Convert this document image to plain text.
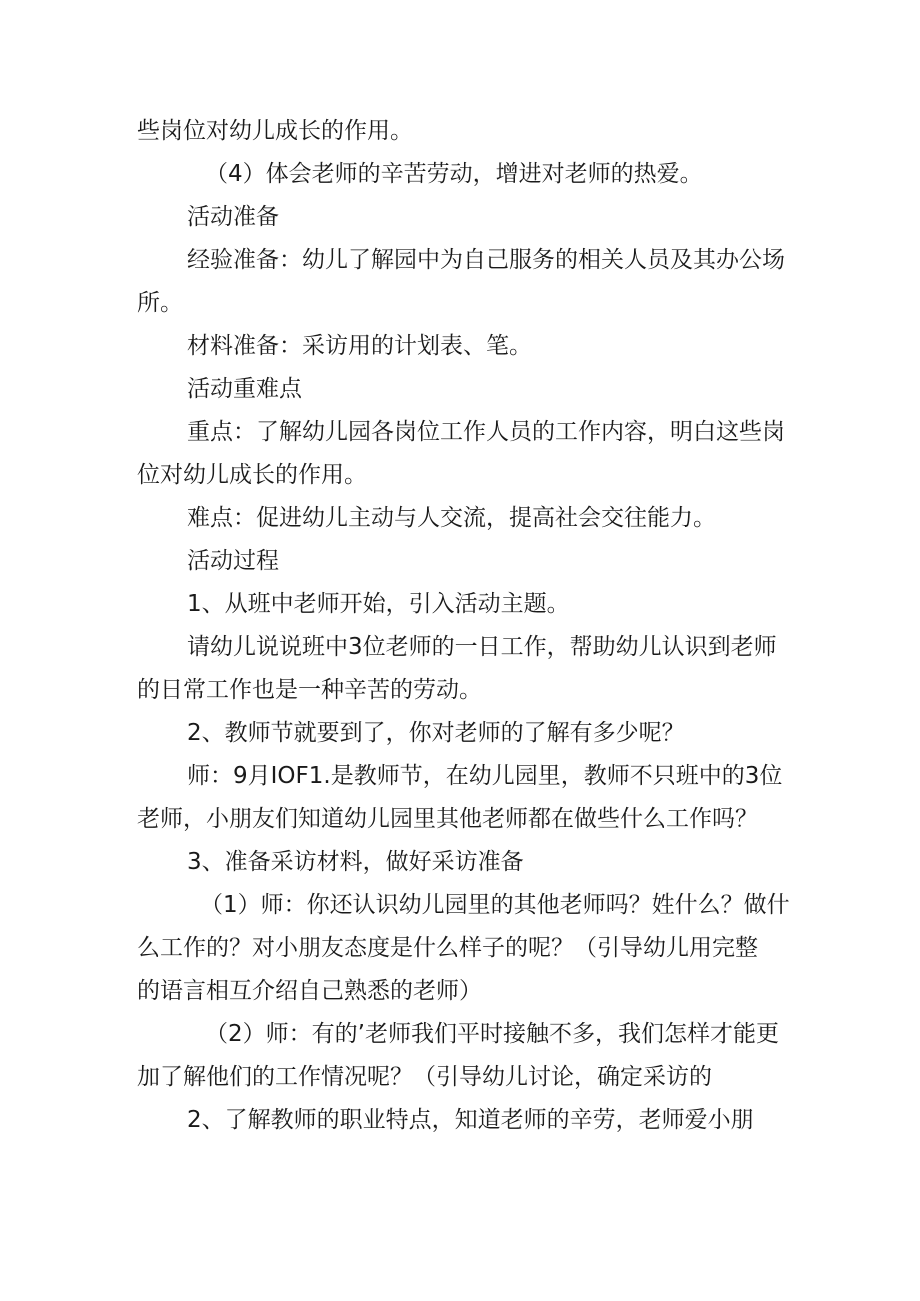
些岗位对幼儿成长的作用。

（4）体会老师的辛苦劳动，增进对老师的热爱。

活动准备

经验准备：幼儿了解园中为自己服务的相关人员及其办公场

所。

材料准备：采访用的计划表、笔。

活动重难点

重点：了解幼儿园各岗位工作人员的工作内容，明白这些岗

位对幼儿成长的作用。

难点：促进幼儿主动与人交流，提高社会交往能力。

活动过程

1、从班中老师开始，引入活动主题。

请幼儿说说班中3位老师的一日工作，帮助幼儿认识到老师

的日常工作也是一种辛苦的劳动。

2、教师节就要到了，你对老师的了解有多少呢？

师：9月IOF1.是教师节，在幼儿园里，教师不只班中的3位

老师，小朋友们知道幼儿园里其他老师都在做些什么工作吗？

3、准备采访材料，做好采访准备

（1）师：你还认识幼儿园里的其他老师吗？姓什么？做什

么工作的？对小朋友态度是什么样子的呢？（引导幼儿用完整

的语言相互介绍自己熟悉的老师）

（2）师：有的’老师我们平时接触不多，我们怎样才能更

加了解他们的工作情况呢？（引导幼儿讨论，确定采访的

2、了解教师的职业特点，知道老师的辛劳，老师爱小朋
